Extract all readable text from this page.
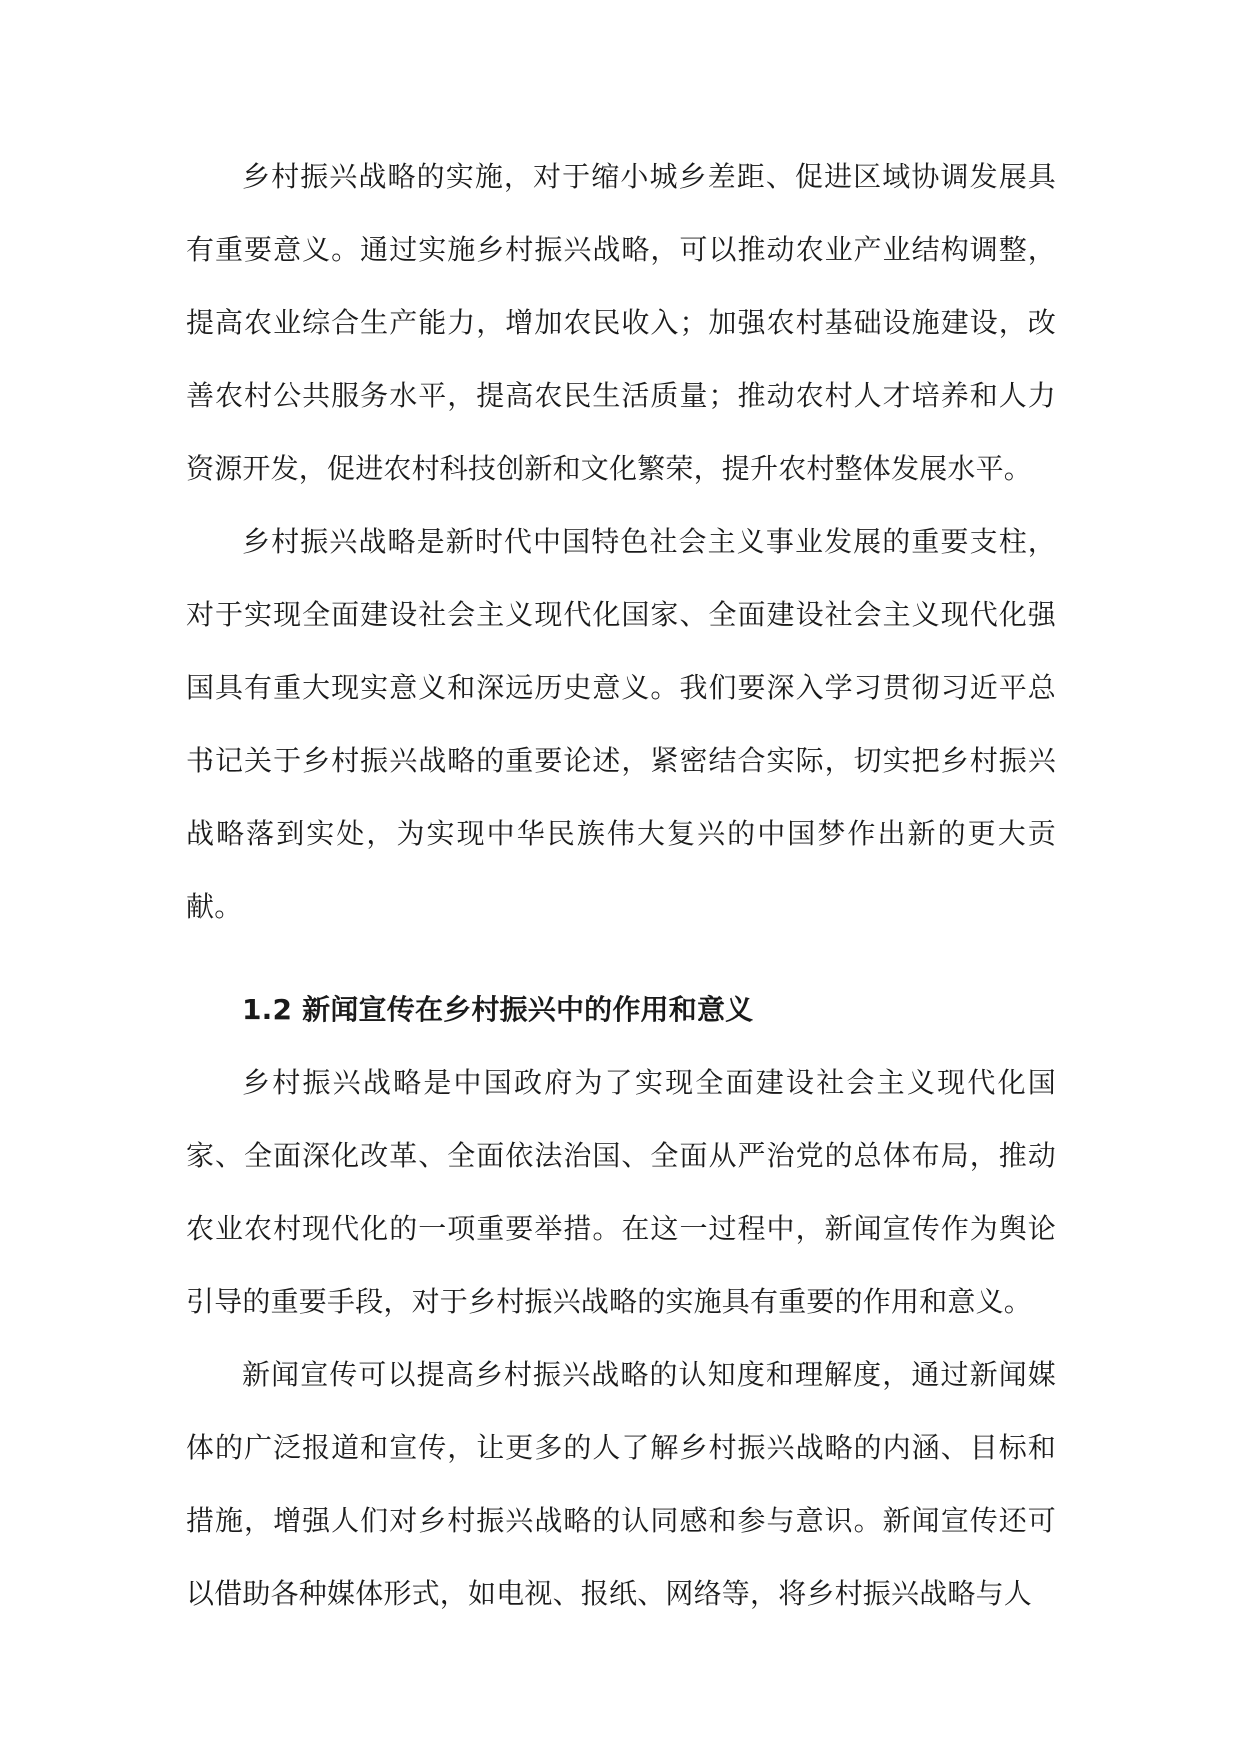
乡村振兴战略的实施，对于缩小城乡差距、促进区域协调发展具有重要意义。通过实施乡村振兴战略，可以推动农业产业结构调整，提高农业综合生产能力，增加农民收入；加强农村基础设施建设，改善农村公共服务水平，提高农民生活质量；推动农村人才培养和人力资源开发，促进农村科技创新和文化繁荣，提升农村整体发展水平。

乡村振兴战略是新时代中国特色社会主义事业发展的重要支柱，对于实现全面建设社会主义现代化国家、全面建设社会主义现代化强国具有重大现实意义和深远历史意义。我们要深入学习贯彻习近平总书记关于乡村振兴战略的重要论述，紧密结合实际，切实把乡村振兴战略落到实处，为实现中华民族伟大复兴的中国梦作出新的更大贡献。

1.2 新闻宣传在乡村振兴中的作用和意义

乡村振兴战略是中国政府为了实现全面建设社会主义现代化国家、全面深化改革、全面依法治国、全面从严治党的总体布局，推动农业农村现代化的一项重要举措。在这一过程中，新闻宣传作为舆论引导的重要手段，对于乡村振兴战略的实施具有重要的作用和意义。

新闻宣传可以提高乡村振兴战略的认知度和理解度，通过新闻媒体的广泛报道和宣传，让更多的人了解乡村振兴战略的内涵、目标和措施，增强人们对乡村振兴战略的认同感和参与意识。新闻宣传还可以借助各种媒体形式，如电视、报纸、网络等，将乡村振兴战略与人
